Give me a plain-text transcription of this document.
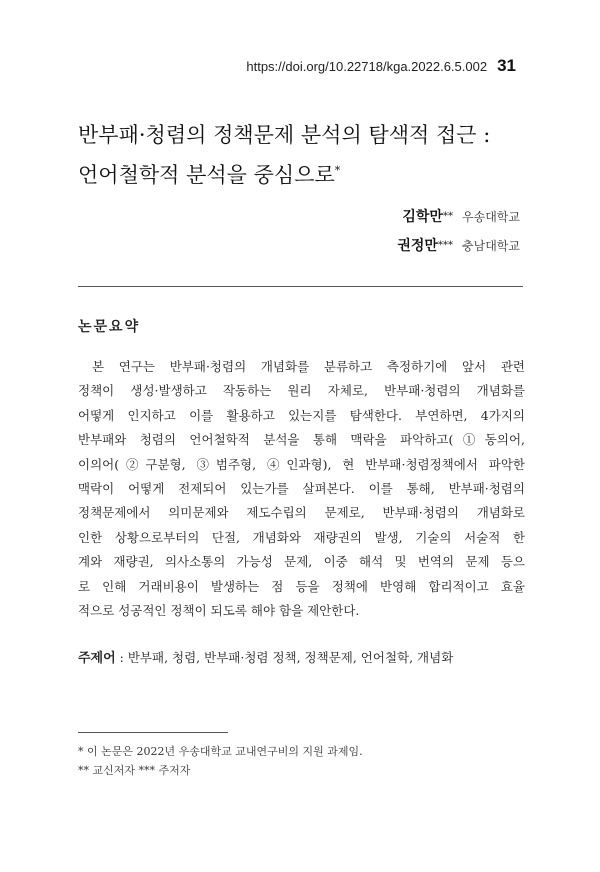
https://doi.org/10.22718/kga.2022.6.5.002 31
반부패·청렴의 정책문제 분석의 탐색적 접근 :
언어철학적 분석을 중심으로*
김학만** 우송대학교
권정만*** 충남대학교
논문요약
본 연구는 반부패·청렴의 개념화를 분류하고 측정하기에 앞서 관련
정책이 생성·발생하고 작동하는 원리 자체로, 반부패·청렴의 개념화를
어떻게 인지하고 이를 활용하고 있는지를 탐색한다. 부연하면, 4가지의
반부패와 청렴의 언어철학적 분석을 통해 맥락을 파악하고(①동의어,
이의어(②구분형, ③범주형, ④인과형), 현 반부패·청렴정책에서 파악한
맥락이 어떻게 전제되어 있는가를 살펴본다. 이를 통해, 반부패·청렴의
정책문제에서 의미문제와 제도수립의 문제로, 반부패·청렴의 개념화로
인한 상황으로부터의 단절, 개념화와 재량권의 발생, 기술의 서술적 한
계와 재량권, 의사소통의 가능성 문제, 이중 해석 및 번역의 문제 등으
로 인해 거래비용이 발생하는 점 등을 정책에 반영해 합리적이고 효율
적으로 성공적인 정책이 되도록 해야 함을 제안한다.
주제어 : 반부패, 청렴, 반부패·청렴 정책, 정책문제, 언어철학, 개념화
* 이 논문은 2022년 우송대학교 교내연구비의 지원 과제임.
** 교신저자 *** 주저자
